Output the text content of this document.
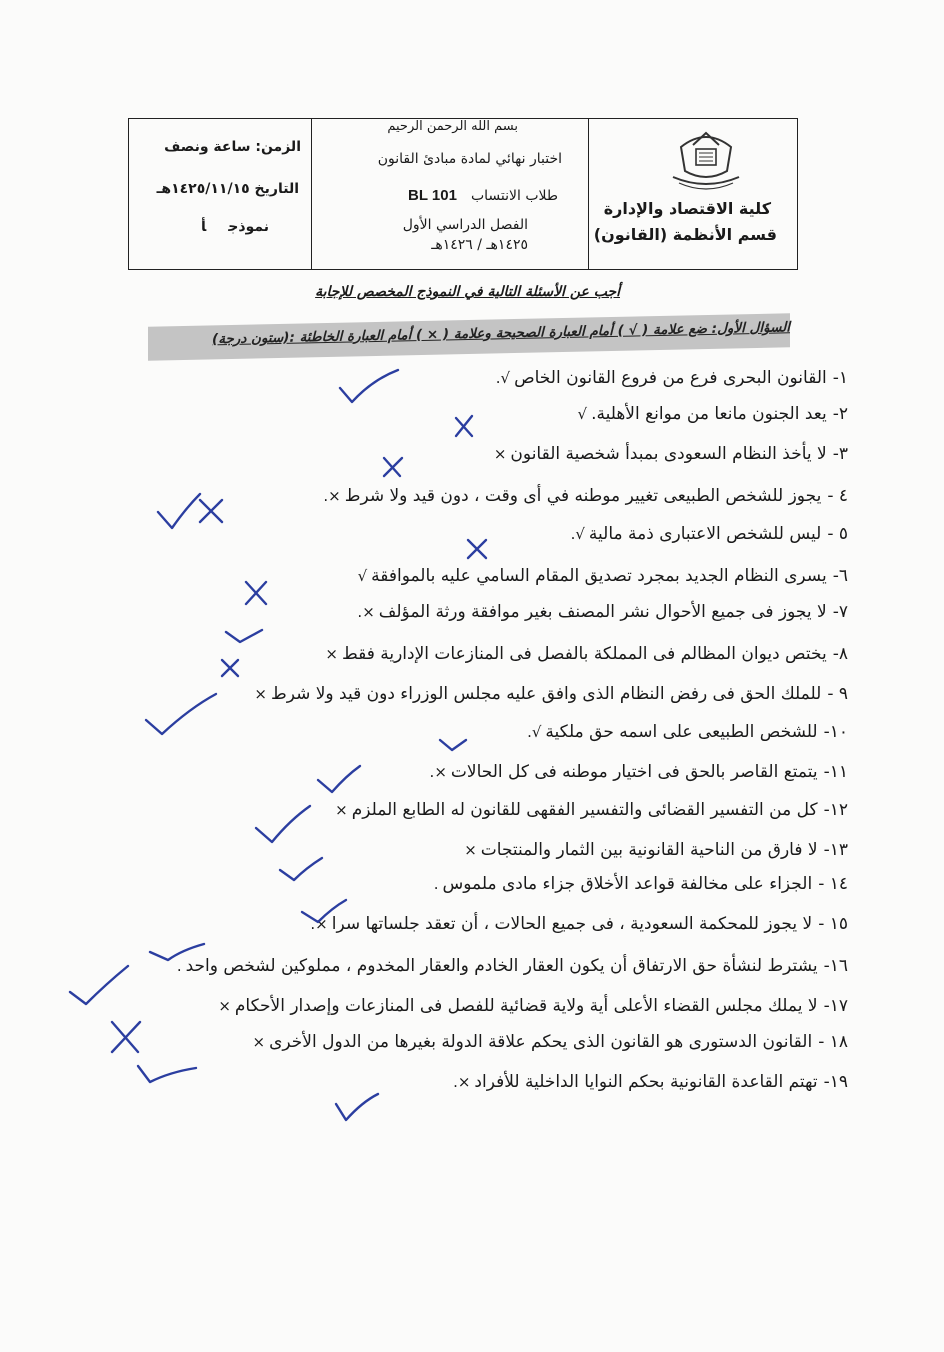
كلية الاقتصاد والإدارة
قسم الأنظمة (القانون)
بسم الله الرحمن الرحيم
اختبار نهائي لمادة مبادئ القانون
طلاب الانتسابBL 101
الفصل الدراسي الأول
١٤٢٥هـ / ١٤٢٦هـ
الزمن: ساعة ونصف
التاريخ ١٤٢٥/١١/١٥هـ
نموذجأ
أجب عن الأسئلة التالية في النموذج المخصص للإجابة
السؤال الأول: ضع علامة ( √ ) أمام العبارة الصحيحة وعلامة ( × ) أمام العبارة الخاطئة :(ستون درجة)
١-القانون البحرى فرع من فروع القانون الخاص√.
٢-يعد الجنون مانعا من موانع الأهلية.√
٣-لا يأخذ النظام السعودى بمبدأ شخصية القانون×
٤ -يجوز للشخص الطبيعى تغيير موطنه في أى وقت ، دون قيد ولا شرط×.
٥ -ليس للشخص الاعتبارى ذمة مالية√.
٦-يسرى النظام الجديد بمجرد تصديق المقام السامي عليه بالموافقة√
٧-لا يجوز فى جميع الأحوال نشر المصنف بغير موافقة ورثة المؤلف×.
٨-يختص ديوان المظالم فى المملكة بالفصل فى المنازعات الإدارية فقط×
٩ -للملك الحق فى رفض النظام الذى وافق عليه مجلس الوزراء دون قيد ولا شرط×
١٠-للشخص الطبيعى على اسمه حق ملكية√.
١١-يتمتع القاصر بالحق فى اختيار موطنه فى كل الحالات×.
١٢-كل من التفسير القضائى والتفسير الفقهى للقانون له الطابع الملزم×
١٣-لا فارق من الناحية القانونية بين الثمار والمنتجات×
١٤ -الجزاء على مخالفة قواعد الأخلاق جزاء مادى ملموس.
١٥ -لا يجوز للمحكمة السعودية ، فى جميع الحالات ، أن تعقد جلساتها سرا×.
١٦-يشترط لنشأة حق الارتفاق أن يكون العقار الخادم والعقار المخدوم ، مملوكين لشخص واحد.
١٧-لا يملك مجلس القضاء الأعلى أية ولاية قضائية للفصل فى المنازعات وإصدار الأحكام×
١٨ -القانون الدستورى هو القانون الذى يحكم علاقة الدولة بغيرها من الدول الأخرى×
١٩-تهتم القاعدة القانونية بحكم النوايا الداخلية للأفراد×.
